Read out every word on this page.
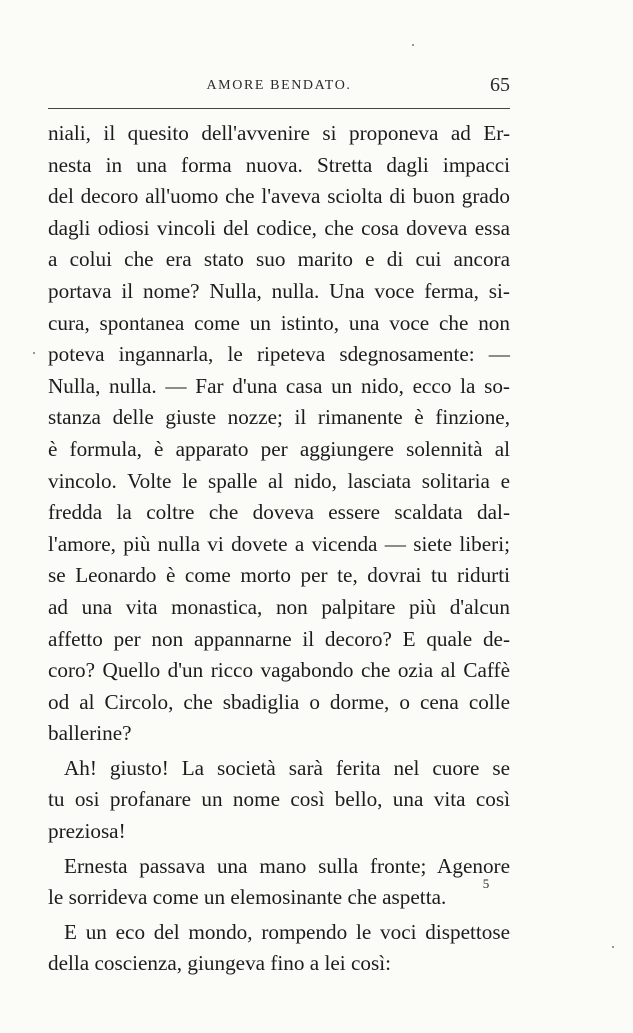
AMORE BENDATO.	65
niali, il quesito dell'avvenire si proponeva ad Er-
nesta in una forma nuova. Stretta dagli impacci
del decoro all'uomo che l'aveva sciolta di buon grado
dagli odiosi vincoli del codice, che cosa doveva essa
a colui che era stato suo marito e di cui ancora
portava il nome? Nulla, nulla. Una voce ferma, si-
cura, spontanea come un istinto, una voce che non
poteva ingannarla, le ripeteva sdegnosamente: —
Nulla, nulla. — Far d'una casa un nido, ecco la so-
stanza delle giuste nozze; il rimanente è finzione,
è formula, è apparato per aggiungere solennità al
vincolo. Volte le spalle al nido, lasciata solitaria e
fredda la coltre che doveva essere scaldata dal-
l'amore, più nulla vi dovete a vicenda — siete liberi;
se Leonardo è come morto per te, dovrai tu ridurti
ad una vita monastica, non palpitare più d'alcun
affetto per non appannarne il decoro? E quale de-
coro? Quello d'un ricco vagabondo che ozia al Caffè
od al Circolo, che sbadiglia o dorme, o cena colle
ballerine?
Ah! giusto! La società sarà ferita nel cuore se
tu osi profanare un nome così bello, una vita così
preziosa!
Ernesta passava una mano sulla fronte; Agenore
le sorrideva come un elemosinante che aspetta.
E un eco del mondo, rompendo le voci dispettose
della coscienza, giungeva fino a lei così:
5
